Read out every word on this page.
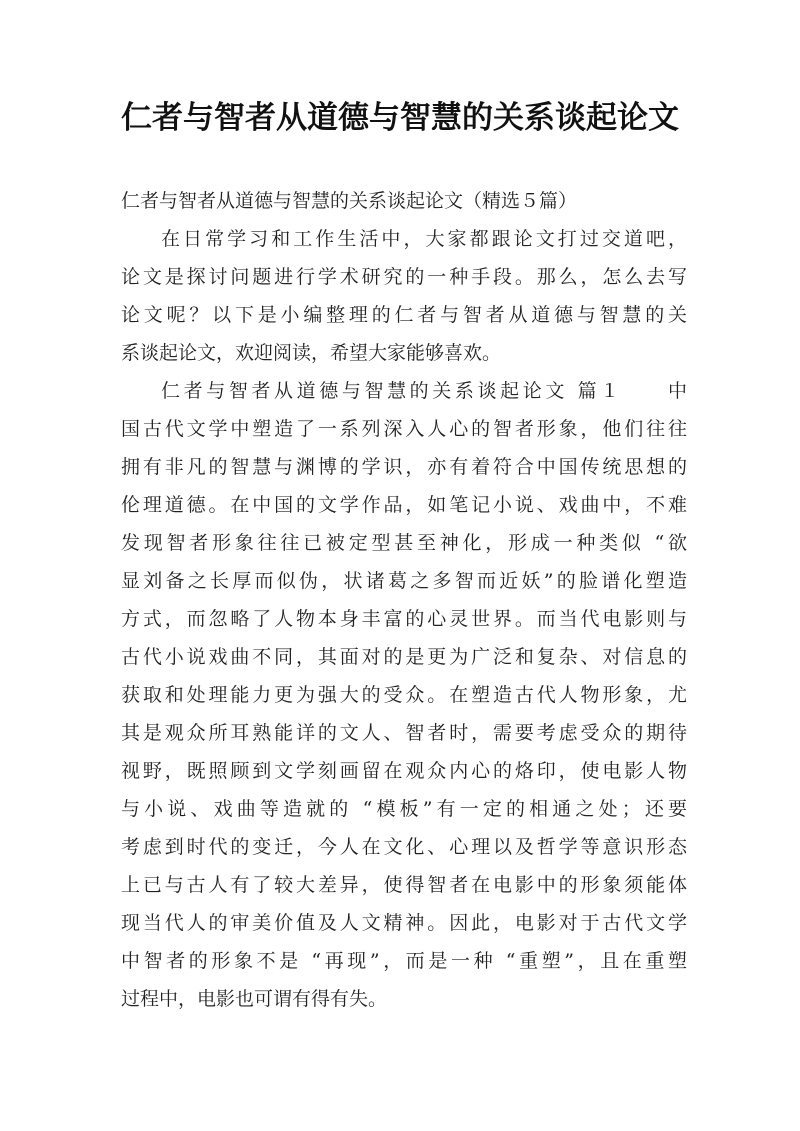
仁者与智者从道德与智慧的关系谈起论文
仁者与智者从道德与智慧的关系谈起论文（精选５篇）
在日常学习和工作生活中，大家都跟论文打过交道吧，
论文是探讨问题进行学术研究的一种手段。那么，怎么去写
论文呢？以下是小编整理的仁者与智者从道德与智慧的关
系谈起论文，欢迎阅读，希望大家能够喜欢。
仁者与智者从道德与智慧的关系谈起论文 篇１　　中
国古代文学中塑造了一系列深入人心的智者形象，他们往往
拥有非凡的智慧与渊博的学识，亦有着符合中国传统思想的
伦理道德。在中国的文学作品，如笔记小说、戏曲中，不难
发现智者形象往往已被定型甚至神化，形成一种类似 “欲
显刘备之长厚而似伪，状诸葛之多智而近妖”的脸谱化塑造
方式，而忽略了人物本身丰富的心灵世界。而当代电影则与
古代小说戏曲不同，其面对的是更为广泛和复杂、对信息的
获取和处理能力更为强大的受众。在塑造古代人物形象，尤
其是观众所耳熟能详的文人、智者时，需要考虑受众的期待
视野，既照顾到文学刻画留在观众内心的烙印，使电影人物
与小说、戏曲等造就的 “模板”有一定的相通之处；还要
考虑到时代的变迁，今人在文化、心理以及哲学等意识形态
上已与古人有了较大差异，使得智者在电影中的形象须能体
现当代人的审美价值及人文精神。因此，电影对于古代文学
中智者的形象不是 “再现”，而是一种 “重塑”，且在重塑
过程中，电影也可谓有得有失。
